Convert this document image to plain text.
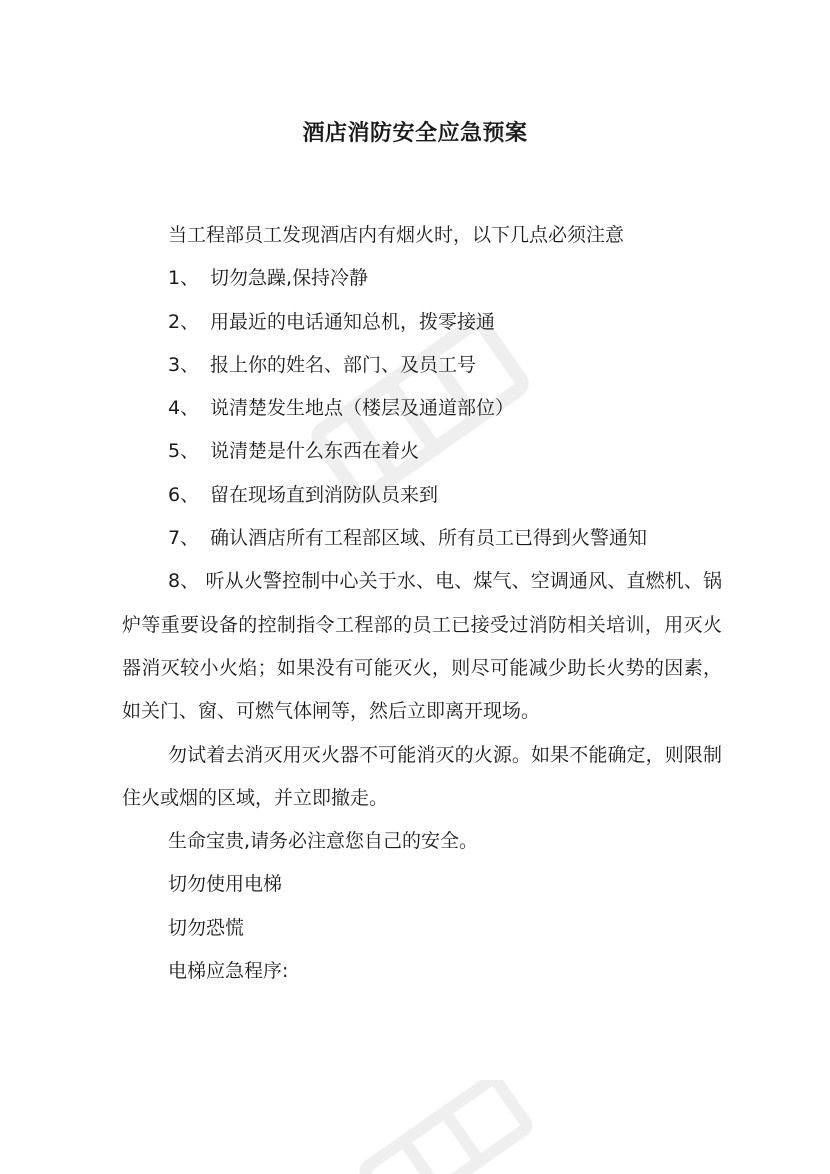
酒店消防安全应急预案

当工程部员工发现酒店内有烟火时，以下几点必须注意

1、 切勿急躁,保持冷静

2、 用最近的电话通知总机，拨零接通

3、 报上你的姓名、部门、及员工号

4、 说清楚发生地点（楼层及通道部位）

5、 说清楚是什么东西在着火

6、 留在现场直到消防队员来到

7、 确认酒店所有工程部区域、所有员工已得到火警通知

8、 听从火警控制中心关于水、电、煤气、空调通风、直燃机、锅炉等重要设备的控制指令工程部的员工已接受过消防相关培训，用灭火器消灭较小火焰；如果没有可能灭火，则尽可能减少助长火势的因素，如关门、窗、可燃气体闸等，然后立即离开现场。

勿试着去消灭用灭火器不可能消灭的火源。如果不能确定，则限制住火或烟的区域，并立即撤走。

生命宝贵,请务必注意您自己的安全。

切勿使用电梯

切勿恐慌

电梯应急程序:
